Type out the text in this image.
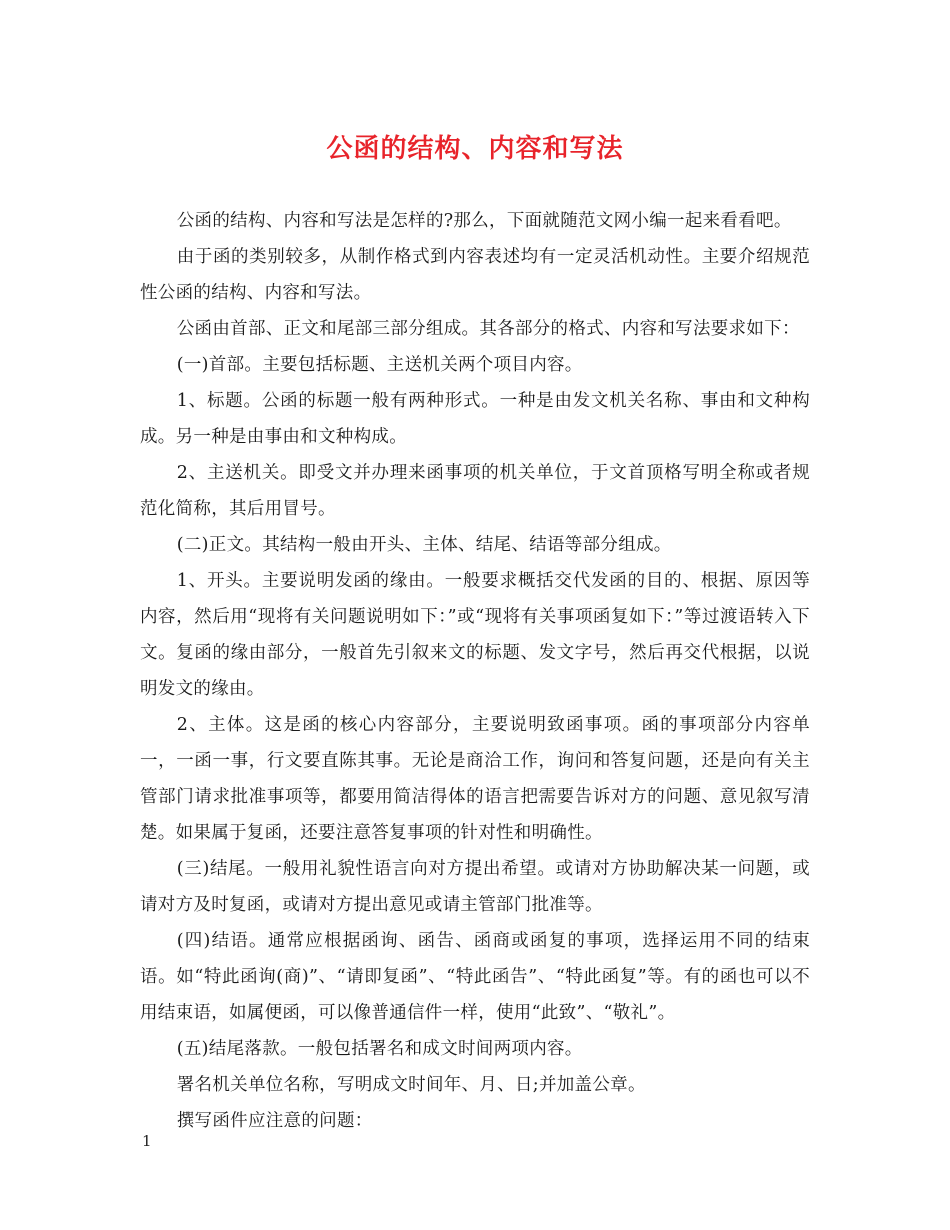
公函的结构、内容和写法

公函的结构、内容和写法是怎样的?那么，下面就随范文网小编一起来看看吧。

由于函的类别较多，从制作格式到内容表述均有一定灵活机动性。主要介绍规范性公函的结构、内容和写法。

公函由首部、正文和尾部三部分组成。其各部分的格式、内容和写法要求如下：

(一)首部。主要包括标题、主送机关两个项目内容。

1、标题。公函的标题一般有两种形式。一种是由发文机关名称、事由和文种构成。另一种是由事由和文种构成。

2、主送机关。即受文并办理来函事项的机关单位，于文首顶格写明全称或者规范化简称，其后用冒号。

(二)正文。其结构一般由开头、主体、结尾、结语等部分组成。

1、开头。主要说明发函的缘由。一般要求概括交代发函的目的、根据、原因等内容，然后用“现将有关问题说明如下：”或“现将有关事项函复如下：”等过渡语转入下文。复函的缘由部分，一般首先引叙来文的标题、发文字号，然后再交代根据，以说明发文的缘由。

2、主体。这是函的核心内容部分，主要说明致函事项。函的事项部分内容单一，一函一事，行文要直陈其事。无论是商洽工作，询问和答复问题，还是向有关主管部门请求批准事项等，都要用简洁得体的语言把需要告诉对方的问题、意见叙写清楚。如果属于复函，还要注意答复事项的针对性和明确性。

(三)结尾。一般用礼貌性语言向对方提出希望。或请对方协助解决某一问题，或请对方及时复函，或请对方提出意见或请主管部门批准等。

(四)结语。通常应根据函询、函告、函商或函复的事项，选择运用不同的结束语。如“特此函询(商)”、“请即复函”、“特此函告”、“特此函复”等。有的函也可以不用结束语，如属便函，可以像普通信件一样，使用“此致”、“敬礼”。

(五)结尾落款。一般包括署名和成文时间两项内容。

署名机关单位名称，写明成文时间年、月、日;并加盖公章。

撰写函件应注意的问题：

1
